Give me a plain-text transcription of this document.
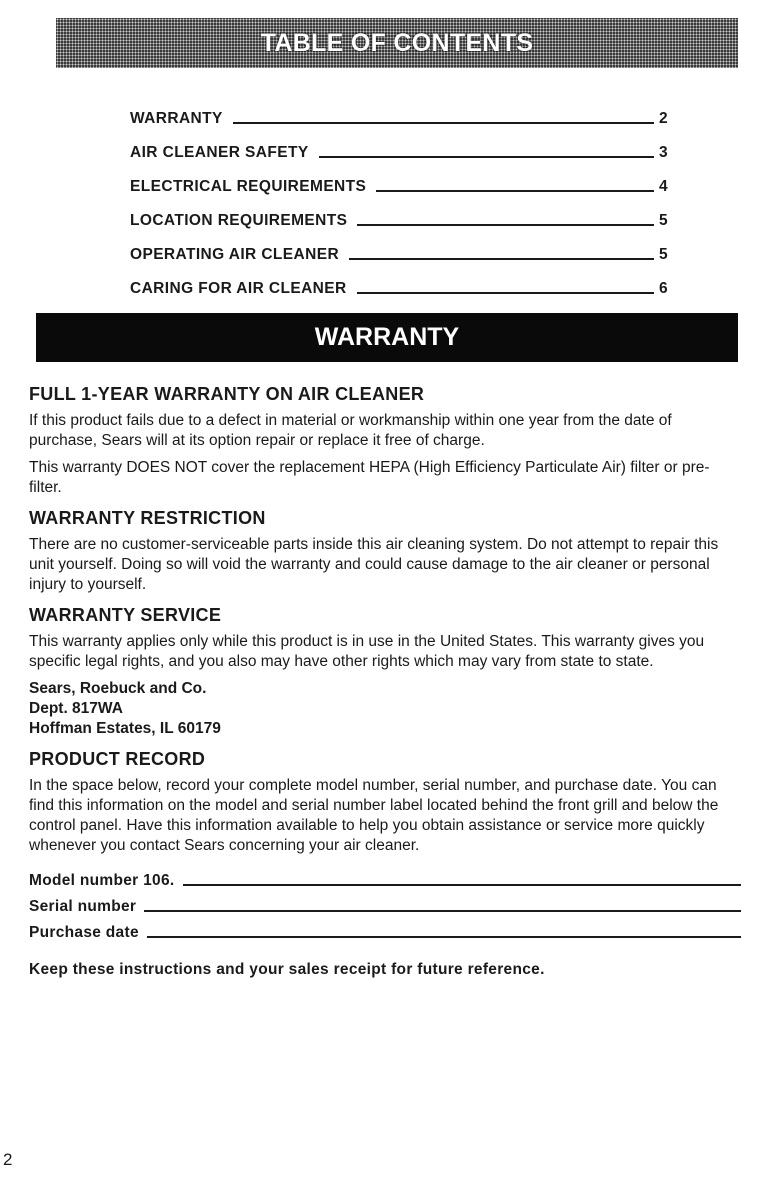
TABLE OF CONTENTS
WARRANTY	2
AIR CLEANER SAFETY	3
ELECTRICAL REQUIREMENTS	4
LOCATION REQUIREMENTS	5
OPERATING AIR CLEANER	5
CARING FOR AIR CLEANER	6
WARRANTY
FULL 1-YEAR WARRANTY ON AIR CLEANER

If this product fails due to a defect in material or workmanship within one year from the date of purchase, Sears will at its option repair or replace it free of charge.

This warranty DOES NOT cover the replacement HEPA (High Efficiency Particulate Air) filter or pre-filter.

WARRANTY RESTRICTION

There are no customer-serviceable parts inside this air cleaning system. Do not attempt to repair this unit yourself. Doing so will void the warranty and could cause damage to the air cleaner or personal injury to yourself.

WARRANTY SERVICE

This warranty applies only while this product is in use in the United States. This warranty gives you specific legal rights, and you also may have other rights which may vary from state to state.

Sears, Roebuck and Co.
Dept. 817WA
Hoffman Estates, IL 60179
PRODUCT RECORD

In the space below, record your complete model number, serial number, and purchase date. You can find this information on the model and serial number label located behind the front grill and below the control panel. Have this information available to help you obtain assistance or service more quickly whenever you contact Sears concerning your air cleaner.

Model number 106.
Serial number
Purchase date
Keep these instructions and your sales receipt for future reference.
2
